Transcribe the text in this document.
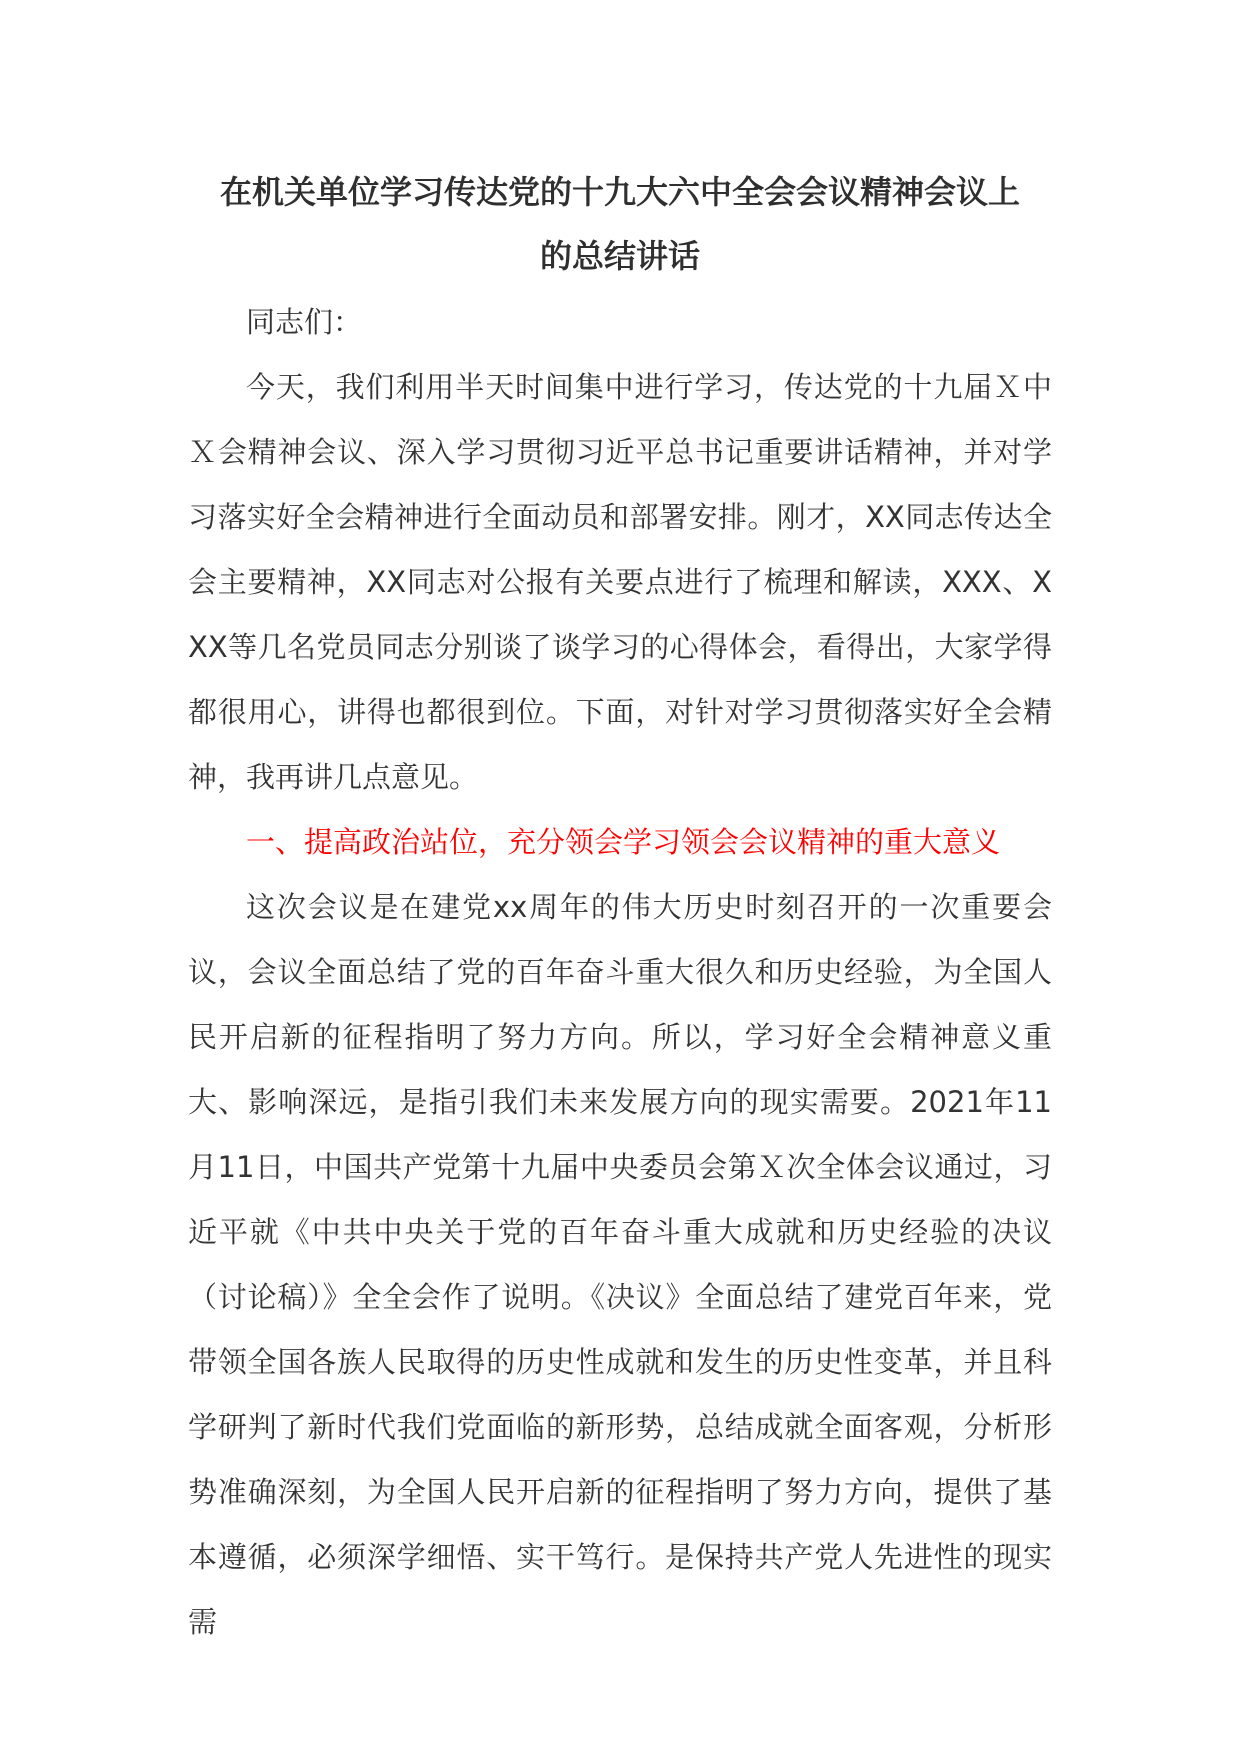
在机关单位学习传达党的十九大六中全会会议精神会议上
的总结讲话

同志们：

今天，我们利用半天时间集中进行学习，传达党的十九届Ｘ中Ｘ会精神会议、深入学习贯彻习近平总书记重要讲话精神，并对学习落实好全会精神进行全面动员和部署安排。刚才，XX同志传达全会主要精神，XX同志对公报有关要点进行了梳理和解读，XXX、XXX等几名党员同志分别谈了谈学习的心得体会，看得出，大家学得都很用心，讲得也都很到位。下面，对针对学习贯彻落实好全会精神，我再讲几点意见。

一、提高政治站位，充分领会学习领会会议精神的重大意义

这次会议是在建党xx周年的伟大历史时刻召开的一次重要会议，会议全面总结了党的百年奋斗重大很久和历史经验，为全国人民开启新的征程指明了努力方向。所以，学习好全会精神意义重大、影响深远，是指引我们未来发展方向的现实需要。2021年11月11日，中国共产党第十九届中央委员会第Ｘ次全体会议通过，习近平就《中共中央关于党的百年奋斗重大成就和历史经验的决议（讨论稿）》全全会作了说明。《决议》全面总结了建党百年来，党带领全国各族人民取得的历史性成就和发生的历史性变革，并且科学研判了新时代我们党面临的新形势，总结成就全面客观，分析形势准确深刻，为全国人民开启新的征程指明了努力方向，提供了基本遵循，必须深学细悟、实干笃行。是保持共产党人先进性的现实需
